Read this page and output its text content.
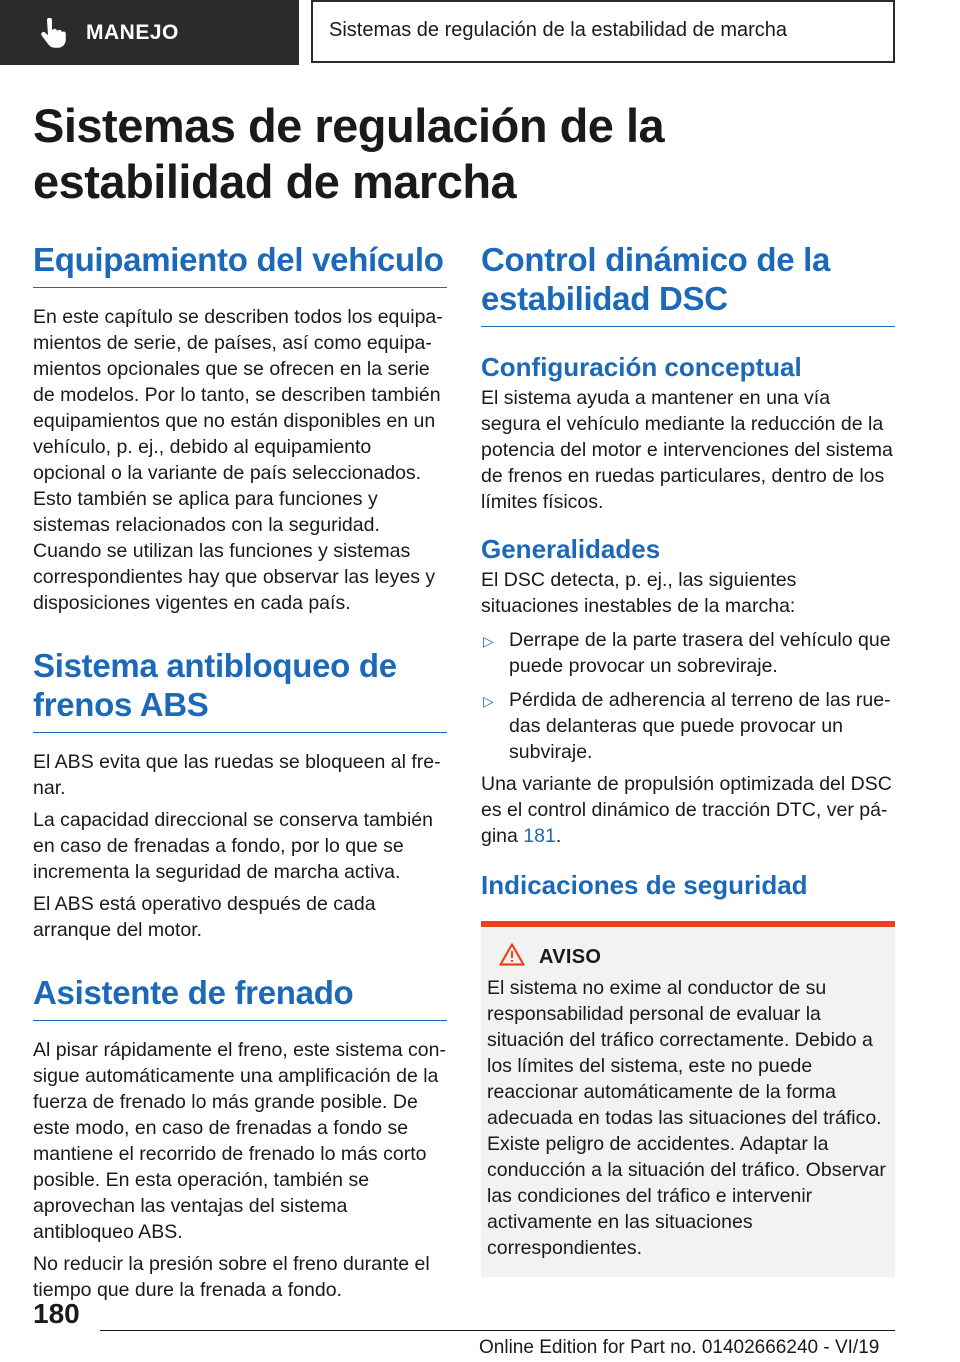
MANEJO	Sistemas de regulación de la estabilidad de marcha
Sistemas de regulación de la estabilidad de marcha
Equipamiento del vehículo

En este capítulo se describen todos los equipamientos de serie, de países, así como equipamientos opcionales que se ofrecen en la serie de modelos. Por lo tanto, se describen también equipamientos que no están disponibles en un vehículo, p. ej., debido al equipamiento opcional o la variante de país seleccionados. Esto también se aplica para funciones y sistemas relacionados con la seguridad. Cuando se utilizan las funciones y sistemas correspondientes hay que observar las leyes y disposiciones vigentes en cada país.

Sistema antibloqueo de frenos ABS

El ABS evita que las ruedas se bloqueen al frenar.

La capacidad direccional se conserva también en caso de frenadas a fondo, por lo que se incrementa la seguridad de marcha activa.

El ABS está operativo después de cada arranque del motor.

Asistente de frenado

Al pisar rápidamente el freno, este sistema consigue automáticamente una amplificación de la fuerza de frenado lo más grande posible. De este modo, en caso de frenadas a fondo se mantiene el recorrido de frenado lo más corto posible. En esta operación, también se aprovechan las ventajas del sistema antibloqueo ABS.

No reducir la presión sobre el freno durante el tiempo que dure la frenada a fondo.

Control dinámico de la estabilidad DSC
Configuración conceptual

El sistema ayuda a mantener en una vía segura el vehículo mediante la reducción de la potencia del motor e intervenciones del sistema de frenos en ruedas particulares, dentro de los límites físicos.

Generalidades

El DSC detecta, p. ej., las siguientes situaciones inestables de la marcha:

▷ Derrape de la parte trasera del vehículo que puede provocar un sobreviraje.
▷ Pérdida de adherencia al terreno de las ruedas delanteras que puede provocar un subviraje.

Una variante de propulsión optimizada del DSC es el control dinámico de tracción DTC, ver página 181.

Indicaciones de seguridad
AVISO

El sistema no exime al conductor de su responsabilidad personal de evaluar la situación del tráfico correctamente. Debido a los límites del sistema, este no puede reaccionar automáticamente de la forma adecuada en todas las situaciones del tráfico. Existe peligro de accidentes. Adaptar la conducción a la situación del tráfico. Observar las condiciones del tráfico e intervenir activamente en las situaciones correspondientes.

180
Online Edition for Part no. 01402666240 - VI/19
